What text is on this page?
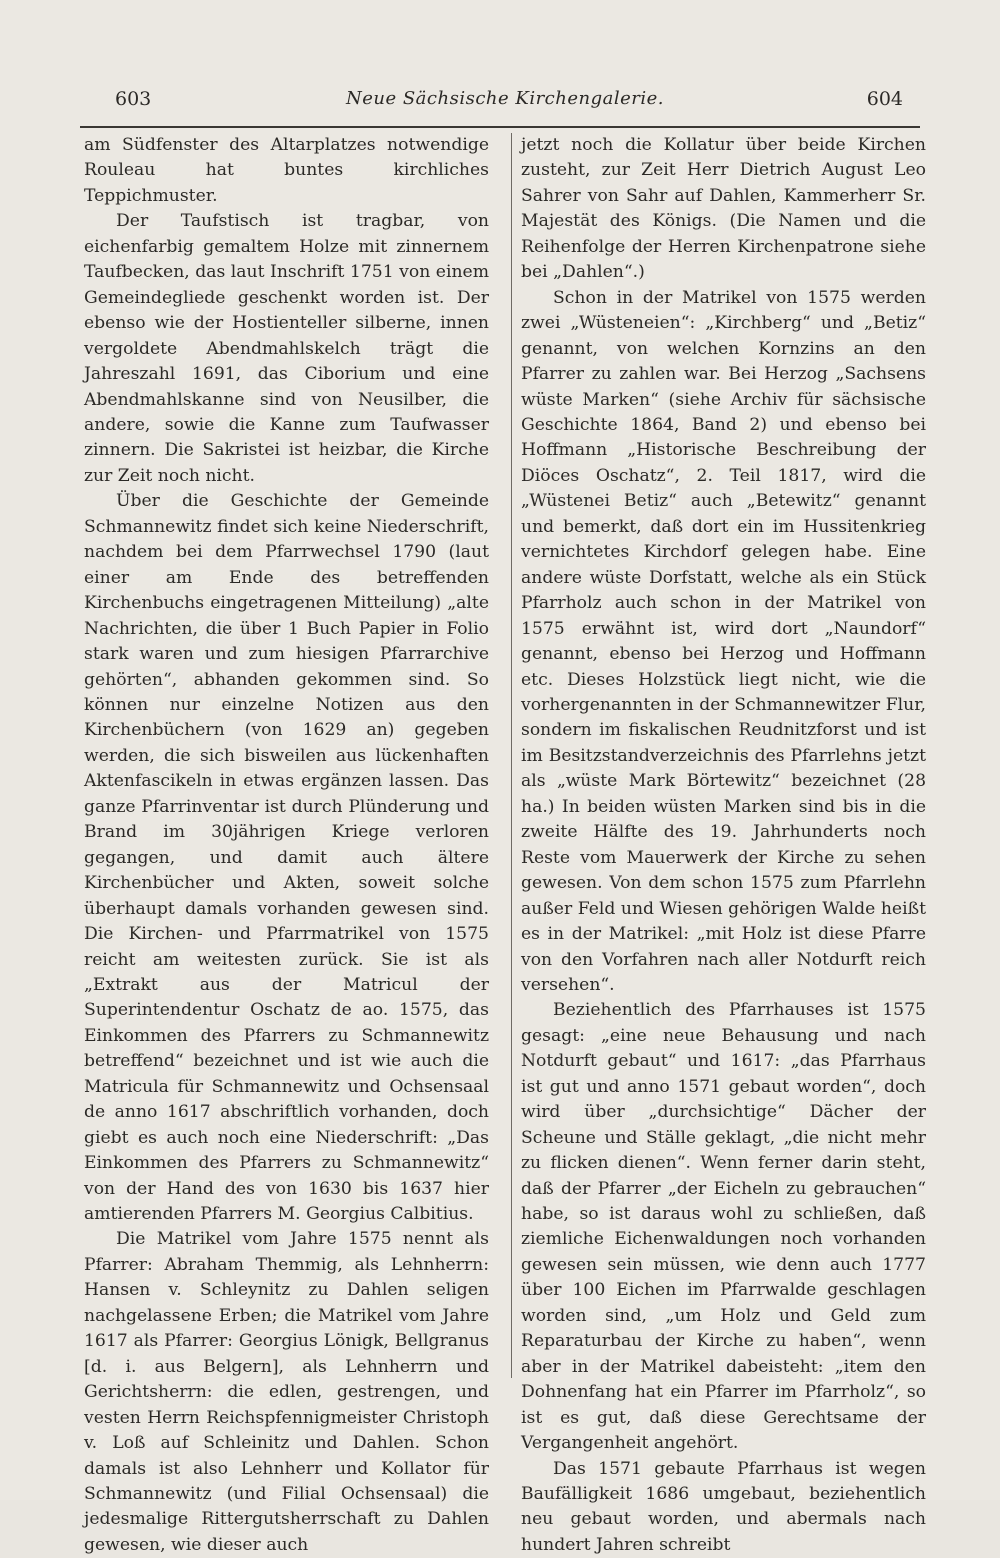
603	Neue Sächsische Kirchengalerie.	604

am Südfenster des Altarplatzes notwendige Rouleau hat buntes kirchliches Teppichmuster.

Der Taufstisch ist tragbar, von eichenfarbig gemaltem Holze mit zinnernem Taufbecken, das laut Inschrift 1751 von einem Gemeindegliede geschenkt worden ist. Der ebenso wie der Hostienteller silberne, innen vergoldete Abendmahlskelch trägt die Jahreszahl 1691, das Ciborium und eine Abendmahlskanne sind von Neusilber, die andere, sowie die Kanne zum Taufwasser zinnern. Die Sakristei ist heizbar, die Kirche zur Zeit noch nicht.

Über die Geschichte der Gemeinde Schmannewitz findet sich keine Niederschrift, nachdem bei dem Pfarrwechsel 1790 (laut einer am Ende des betreffenden Kirchenbuchs eingetragenen Mitteilung) „alte Nachrichten, die über 1 Buch Papier in Folio stark waren und zum hiesigen Pfarrarchive gehörten“, abhanden gekommen sind. So können nur einzelne Notizen aus den Kirchenbüchern (von 1629 an) gegeben werden, die sich bisweilen aus lückenhaften Aktenfascikeln in etwas ergänzen lassen. Das ganze Pfarrinventar ist durch Plünderung und Brand im 30jährigen Kriege verloren gegangen, und damit auch ältere Kirchenbücher und Akten, soweit solche überhaupt damals vorhanden gewesen sind. Die Kirchen- und Pfarrmatrikel von 1575 reicht am weitesten zurück. Sie ist als „Extrakt aus der Matricul der Superintendentur Oschatz de ao. 1575, das Einkommen des Pfarrers zu Schmannewitz betreffend“ bezeichnet und ist wie auch die Matricula für Schmannewitz und Ochsensaal de anno 1617 abschriftlich vorhanden, doch giebt es auch noch eine Niederschrift: „Das Einkommen des Pfarrers zu Schmannewitz“ von der Hand des von 1630 bis 1637 hier amtierenden Pfarrers M. Georgius Calbitius.

Die Matrikel vom Jahre 1575 nennt als Pfarrer: Abraham Themmig, als Lehnherrn: Hansen v. Schleynitz zu Dahlen seligen nachgelassene Erben; die Matrikel vom Jahre 1617 als Pfarrer: Georgius Lönigk, Bellgranus [d. i. aus Belgern], als Lehnherrn und Gerichtsherrn: die edlen, gestrengen, und vesten Herrn Reichspfennigmeister Christoph v. Loß auf Schleinitz und Dahlen. Schon damals ist also Lehnherr und Kollator für Schmannewitz (und Filial Ochsensaal) die jedesmalige Rittergutsherrschaft zu Dahlen gewesen, wie dieser auch

jetzt noch die Kollatur über beide Kirchen zusteht, zur Zeit Herr Dietrich August Leo Sahrer von Sahr auf Dahlen, Kammerherr Sr. Majestät des Königs. (Die Namen und die Reihenfolge der Herren Kirchenpatrone siehe bei „Dahlen“.)

Schon in der Matrikel von 1575 werden zwei „Wüsteneien“: „Kirchberg“ und „Betiz“ genannt, von welchen Kornzins an den Pfarrer zu zahlen war. Bei Herzog „Sachsens wüste Marken“ (siehe Archiv für sächsische Geschichte 1864, Band 2) und ebenso bei Hoffmann „Historische Beschreibung der Diöces Oschatz“, 2. Teil 1817, wird die „Wüstenei Betiz“ auch „Betewitz“ genannt und bemerkt, daß dort ein im Hussitenkrieg vernichtetes Kirchdorf gelegen habe. Eine andere wüste Dorfstatt, welche als ein Stück Pfarrholz auch schon in der Matrikel von 1575 erwähnt ist, wird dort „Naundorf“ genannt, ebenso bei Herzog und Hoffmann etc. Dieses Holzstück liegt nicht, wie die vorhergenannten in der Schmannewitzer Flur, sondern im fiskalischen Reudnitzforst und ist im Besitzstandverzeichnis des Pfarrlehns jetzt als „wüste Mark Börtewitz“ bezeichnet (28 ha.) In beiden wüsten Marken sind bis in die zweite Hälfte des 19. Jahrhunderts noch Reste vom Mauerwerk der Kirche zu sehen gewesen. Von dem schon 1575 zum Pfarrlehn außer Feld und Wiesen gehörigen Walde heißt es in der Matrikel: „mit Holz ist diese Pfarre von den Vorfahren nach aller Notdurft reich versehen“.

Beziehentlich des Pfarrhauses ist 1575 gesagt: „eine neue Behausung und nach Notdurft gebaut“ und 1617: „das Pfarrhaus ist gut und anno 1571 gebaut worden“, doch wird über „durchsichtige“ Dächer der Scheune und Ställe geklagt, „die nicht mehr zu flicken dienen“. Wenn ferner darin steht, daß der Pfarrer „der Eicheln zu gebrauchen“ habe, so ist daraus wohl zu schließen, daß ziemliche Eichenwaldungen noch vorhanden gewesen sein müssen, wie denn auch 1777 über 100 Eichen im Pfarrwalde geschlagen worden sind, „um Holz und Geld zum Reparaturbau der Kirche zu haben“, wenn aber in der Matrikel dabeisteht: „item den Dohnenfang hat ein Pfarrer im Pfarrholz“, so ist es gut, daß diese Gerechtsame der Vergangenheit angehört.

Das 1571 gebaute Pfarrhaus ist wegen Baufälligkeit 1686 umgebaut, beziehentlich neu gebaut worden, und abermals nach hundert Jahren schreibt
